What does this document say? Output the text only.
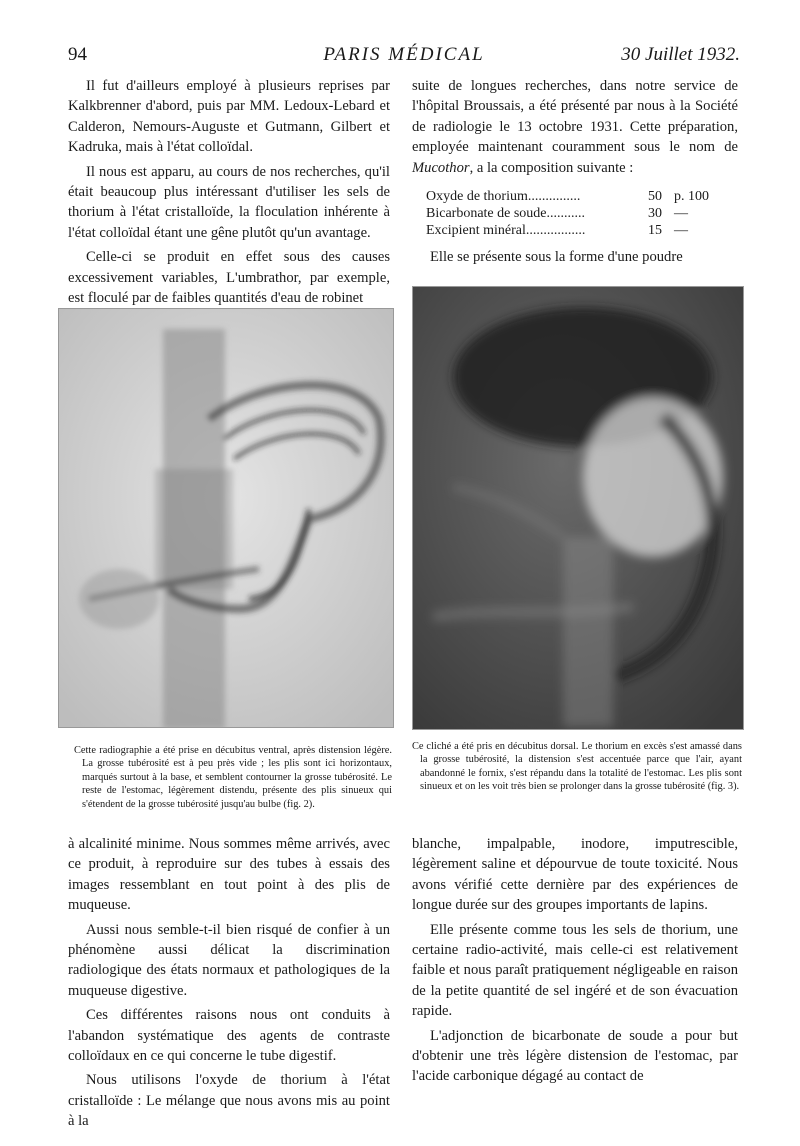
94	PARIS MÉDICAL	30 Juillet 1932.

Il fut d'ailleurs employé à plusieurs reprises par Kalkbrenner d'abord, puis par MM. Ledoux-Lebard et Calderon, Nemours-Auguste et Gutmann, Gilbert et Kadruka, mais à l'état colloïdal.

Il nous est apparu, au cours de nos recherches, qu'il était beaucoup plus intéressant d'utiliser les sels de thorium à l'état cristalloïde, la floculation inhérente à l'état colloïdal étant une gêne plutôt qu'un avantage.

Celle-ci se produit en effet sous des causes excessivement variables, L'umbrathor, par exemple, est floculé par de faibles quantités d'eau de robinet

suite de longues recherches, dans notre service de l'hôpital Broussais, a été présenté par nous à la Société de radiologie le 13 octobre 1931. Cette préparation, employée maintenant couramment sous le nom de Mucothor, a la composition suivante :

Oxyde de thorium...............	50	p. 100
Bicarbonate de soude...........	30	—
Excipient minéral.................	15	—

Elle se présente sous la forme d'une poudre

Cette radiographie a été prise en décubitus ventral, après distension légère. La grosse tubérosité est à peu près vide ; les plis sont ici horizontaux, marqués surtout à la base, et semblent contourner la grosse tubérosité. Le reste de l'estomac, légèrement distendu, présente des plis sinueux qui s'étendent de la grosse tubérosité jusqu'au bulbe (fig. 2).

Ce cliché a été pris en décubitus dorsal. Le thorium en excès s'est amassé dans la grosse tubérosité, la distension s'est accentuée parce que l'air, ayant abandonné le fornix, s'est répandu dans la totalité de l'estomac. Les plis sont sinueux et on les voit très bien se prolonger dans la grosse tubérosité (fig. 3).

à alcalinité minime. Nous sommes même arrivés, avec ce produit, à reproduire sur des tubes à essais des images ressemblant en tout point à des plis de muqueuse.

Aussi nous semble-t-il bien risqué de confier à un phénomène aussi délicat la discrimination radiologique des états normaux et pathologiques de la muqueuse digestive.

Ces différentes raisons nous ont conduits à l'abandon systématique des agents de contraste colloïdaux en ce qui concerne le tube digestif.

Nous utilisons l'oxyde de thorium à l'état cristalloïde : Le mélange que nous avons mis au point à la

blanche, impalpable, inodore, imputrescible, légèrement saline et dépourvue de toute toxicité. Nous avons vérifié cette dernière par des expériences de longue durée sur des groupes importants de lapins.

Elle présente comme tous les sels de thorium, une certaine radio-activité, mais celle-ci est relativement faible et nous paraît pratiquement négligeable en raison de la petite quantité de sel ingéré et de son évacuation rapide.

L'adjonction de bicarbonate de soude a pour but d'obtenir une très légère distension de l'estomac, par l'acide carbonique dégagé au contact de
